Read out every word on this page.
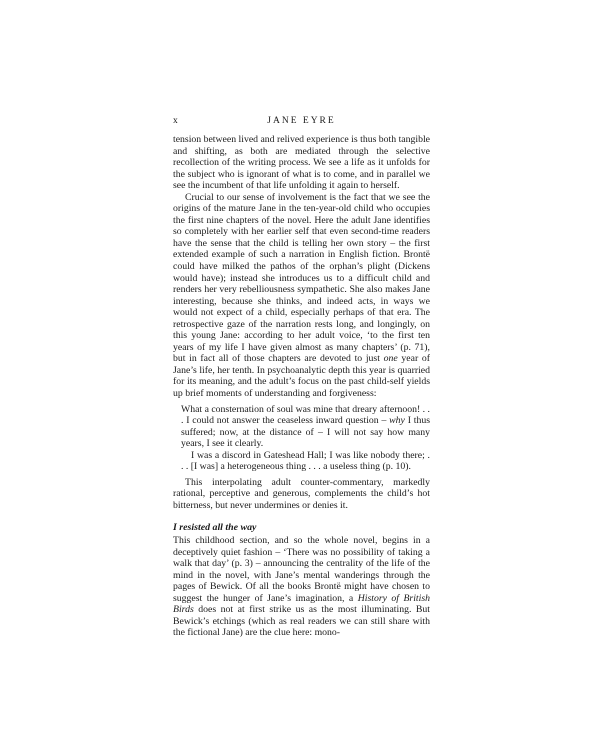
x	JANE EYRE

tension between lived and relived experience is thus both tangible and shifting, as both are mediated through the selective recollection of the writing process. We see a life as it unfolds for the subject who is ignorant of what is to come, and in parallel we see the incumbent of that life unfolding it again to herself.

Crucial to our sense of involvement is the fact that we see the origins of the mature Jane in the ten-year-old child who occupies the first nine chapters of the novel. Here the adult Jane identifies so completely with her earlier self that even second-time readers have the sense that the child is telling her own story – the first extended example of such a narration in English fiction. Brontë could have milked the pathos of the orphan’s plight (Dickens would have); instead she introduces us to a difficult child and renders her very rebelliousness sympathetic. She also makes Jane interesting, because she thinks, and indeed acts, in ways we would not expect of a child, especially perhaps of that era. The retrospective gaze of the narration rests long, and longingly, on this young Jane: according to her adult voice, ‘to the first ten years of my life I have given almost as many chapters’ (p. 71), but in fact all of those chapters are devoted to just one year of Jane’s life, her tenth. In psychoanalytic depth this year is quarried for its meaning, and the adult’s focus on the past child-self yields up brief moments of understanding and forgiveness:

What a consternation of soul was mine that dreary afternoon! . . . I could not answer the ceaseless inward question – why I thus suffered; now, at the distance of – I will not say how many years, I see it clearly.

I was a discord in Gateshead Hall; I was like nobody there; . . . [I was] a heterogeneous thing . . . a useless thing (p. 10).

This interpolating adult counter-commentary, markedly rational, perceptive and generous, complements the child’s hot bitterness, but never undermines or denies it.

I resisted all the way

This childhood section, and so the whole novel, begins in a deceptively quiet fashion – ‘There was no possibility of taking a walk that day’ (p. 3) – announcing the centrality of the life of the mind in the novel, with Jane’s mental wanderings through the pages of Bewick. Of all the books Brontë might have chosen to suggest the hunger of Jane’s imagination, a History of British Birds does not at first strike us as the most illuminating. But Bewick’s etchings (which as real readers we can still share with the fictional Jane) are the clue here: mono-
